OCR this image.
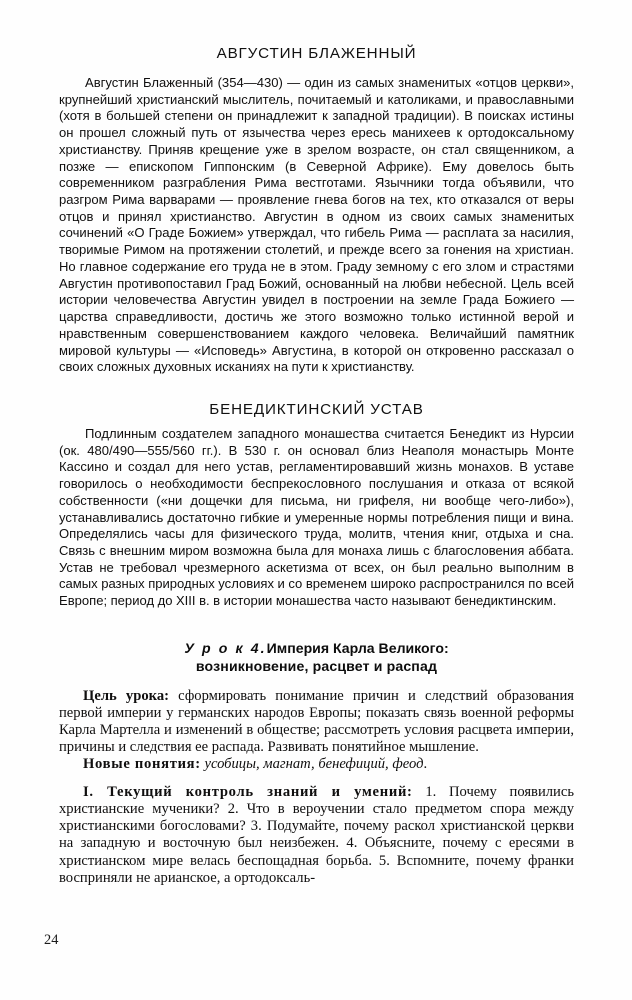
АВГУСТИН БЛАЖЕННЫЙ

Августин Блаженный (354—430) — один из самых знаменитых «отцов церкви», крупнейший христианский мыслитель, почитаемый и католиками, и православными (хотя в большей степени он принадлежит к западной традиции). В поисках истины он прошел сложный путь от язычества через ересь манихеев к ортодоксальному христианству. Приняв крещение уже в зрелом возрасте, он стал священником, а позже — епископом Гиппонским (в Северной Африке). Ему довелось быть современником разграбления Рима вестготами. Язычники тогда объявили, что разгром Рима варварами — проявление гнева богов на тех, кто отказался от веры отцов и принял христианство. Августин в одном из своих самых знаменитых сочинений «О Граде Божием» утверждал, что гибель Рима — расплата за насилия, творимые Римом на протяжении столетий, и прежде всего за гонения на христиан. Но главное содержание его труда не в этом. Граду земному с его злом и страстями Августин противопоставил Град Божий, основанный на любви небесной. Цель всей истории человечества Августин увидел в построении на земле Града Божиего — царства справедливости, достичь же этого возможно только истинной верой и нравственным совершенствованием каждого человека. Величайший памятник мировой культуры — «Исповедь» Августина, в которой он откровенно рассказал о своих сложных духовных исканиях на пути к христианству.

БЕНЕДИКТИНСКИЙ УСТАВ

Подлинным создателем западного монашества считается Бенедикт из Нурсии (ок. 480/490—555/560 гг.). В 530 г. он основал близ Неаполя монастырь Монте Кассино и создал для него устав, регламентировавший жизнь монахов. В уставе говорилось о необходимости беспрекословного послушания и отказа от всякой собственности («ни дощечки для письма, ни грифеля, ни вообще чего-либо»), устанавливались достаточно гибкие и умеренные нормы потребления пищи и вина. Определялись часы для физического труда, молитв, чтения книг, отдыха и сна. Связь с внешним миром возможна была для монаха лишь с благословения аббата. Устав не требовал чрезмерного аскетизма от всех, он был реально выполним в самых разных природных условиях и со временем широко распространился по всей Европе; период до XIII в. в истории монашества часто называют бенедиктинским.

У р о к 4.Империя Карла Великого:
возникновение, расцвет и распад

Цель урока: сформировать понимание причин и следствий образования первой империи у германских народов Европы; показать связь военной реформы Карла Мартелла и изменений в обществе; рассмотреть условия расцвета империи, причины и следствия ее распада. Развивать понятийное мышление.

Новые понятия: усобицы, магнат, бенефиций, феод.

I. Текущий контроль знаний и умений: 1. Почему появились христианские мученики? 2. Что в вероучении стало предметом спора между христианскими богословами? 3. Подумайте, почему раскол христианской церкви на западную и восточную был неизбежен. 4. Объясните, почему с ересями в христианском мире велась беспощадная борьба. 5. Вспомните, почему франки восприняли не арианское, а ортодоксаль-

24
